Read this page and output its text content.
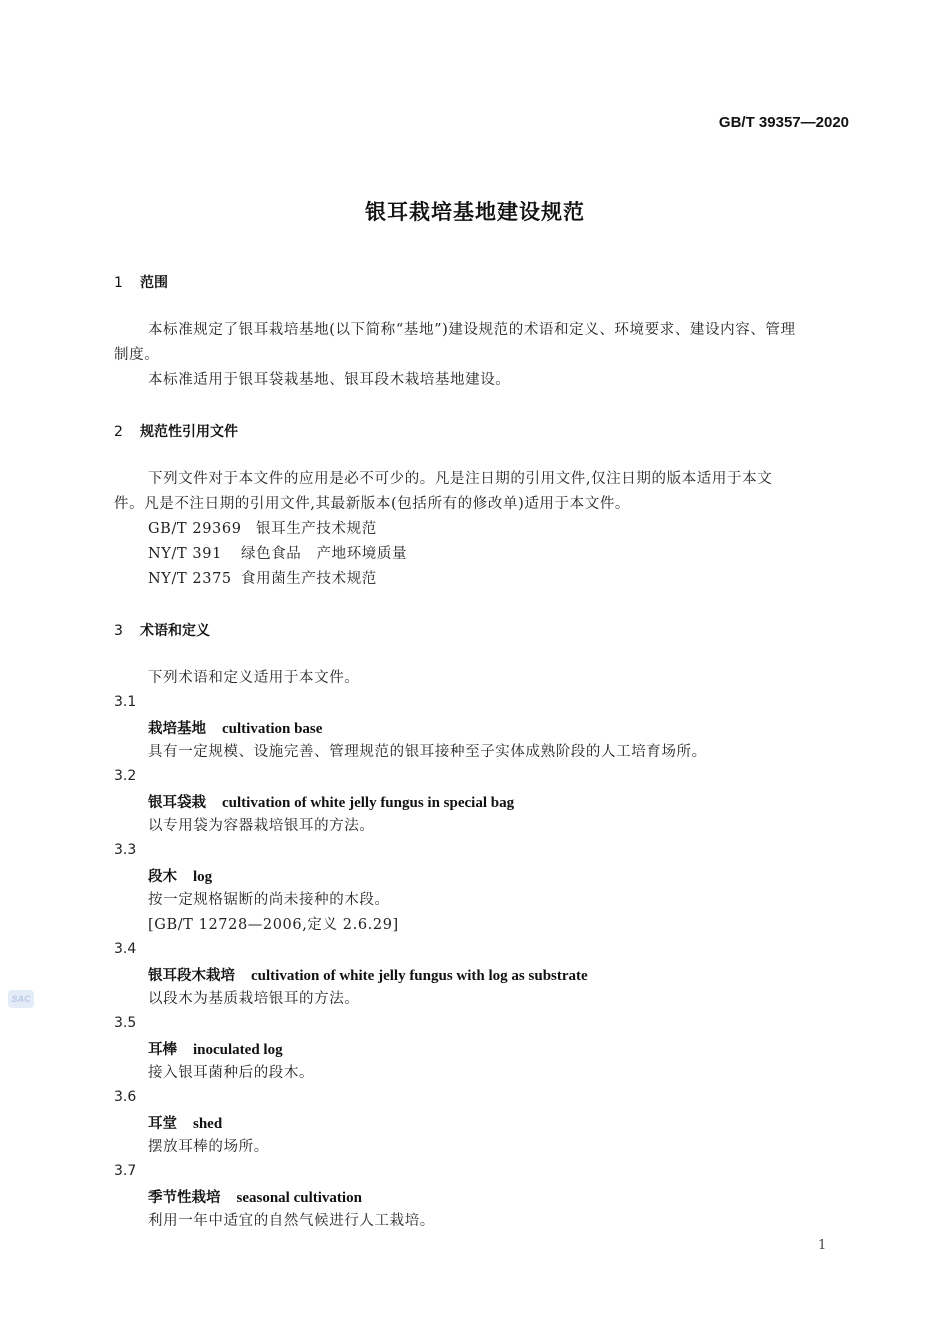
GB/T 39357—2020
银耳栽培基地建设规范
1 范围
本标准规定了银耳栽培基地(以下简称“基地”)建设规范的术语和定义、环境要求、建设内容、管理
制度。
本标准适用于银耳袋栽基地、银耳段木栽培基地建设。
2 规范性引用文件
下列文件对于本文件的应用是必不可少的。凡是注日期的引用文件,仅注日期的版本适用于本文
件。凡是不注日期的引用文件,其最新版本(包括所有的修改单)适用于本文件。
GB/T 29369 银耳生产技术规范
NY/T 391 绿色食品　产地环境质量
NY/T 2375 食用菌生产技术规范
3 术语和定义
下列术语和定义适用于本文件。
3.1
栽培基地 cultivation base
具有一定规模、设施完善、管理规范的银耳接种至子实体成熟阶段的人工培育场所。
3.2
银耳袋栽 cultivation of white jelly fungus in special bag
以专用袋为容器栽培银耳的方法。
3.3
段木 log
按一定规格锯断的尚未接种的木段。
[GB/T 12728—2006,定义 2.6.29]
3.4
银耳段木栽培 cultivation of white jelly fungus with log as substrate
以段木为基质栽培银耳的方法。
3.5
耳棒 inoculated log
接入银耳菌种后的段木。
3.6
耳堂 shed
摆放耳棒的场所。
3.7
季节性栽培 seasonal cultivation
利用一年中适宜的自然气候进行人工栽培。
SAC
1
